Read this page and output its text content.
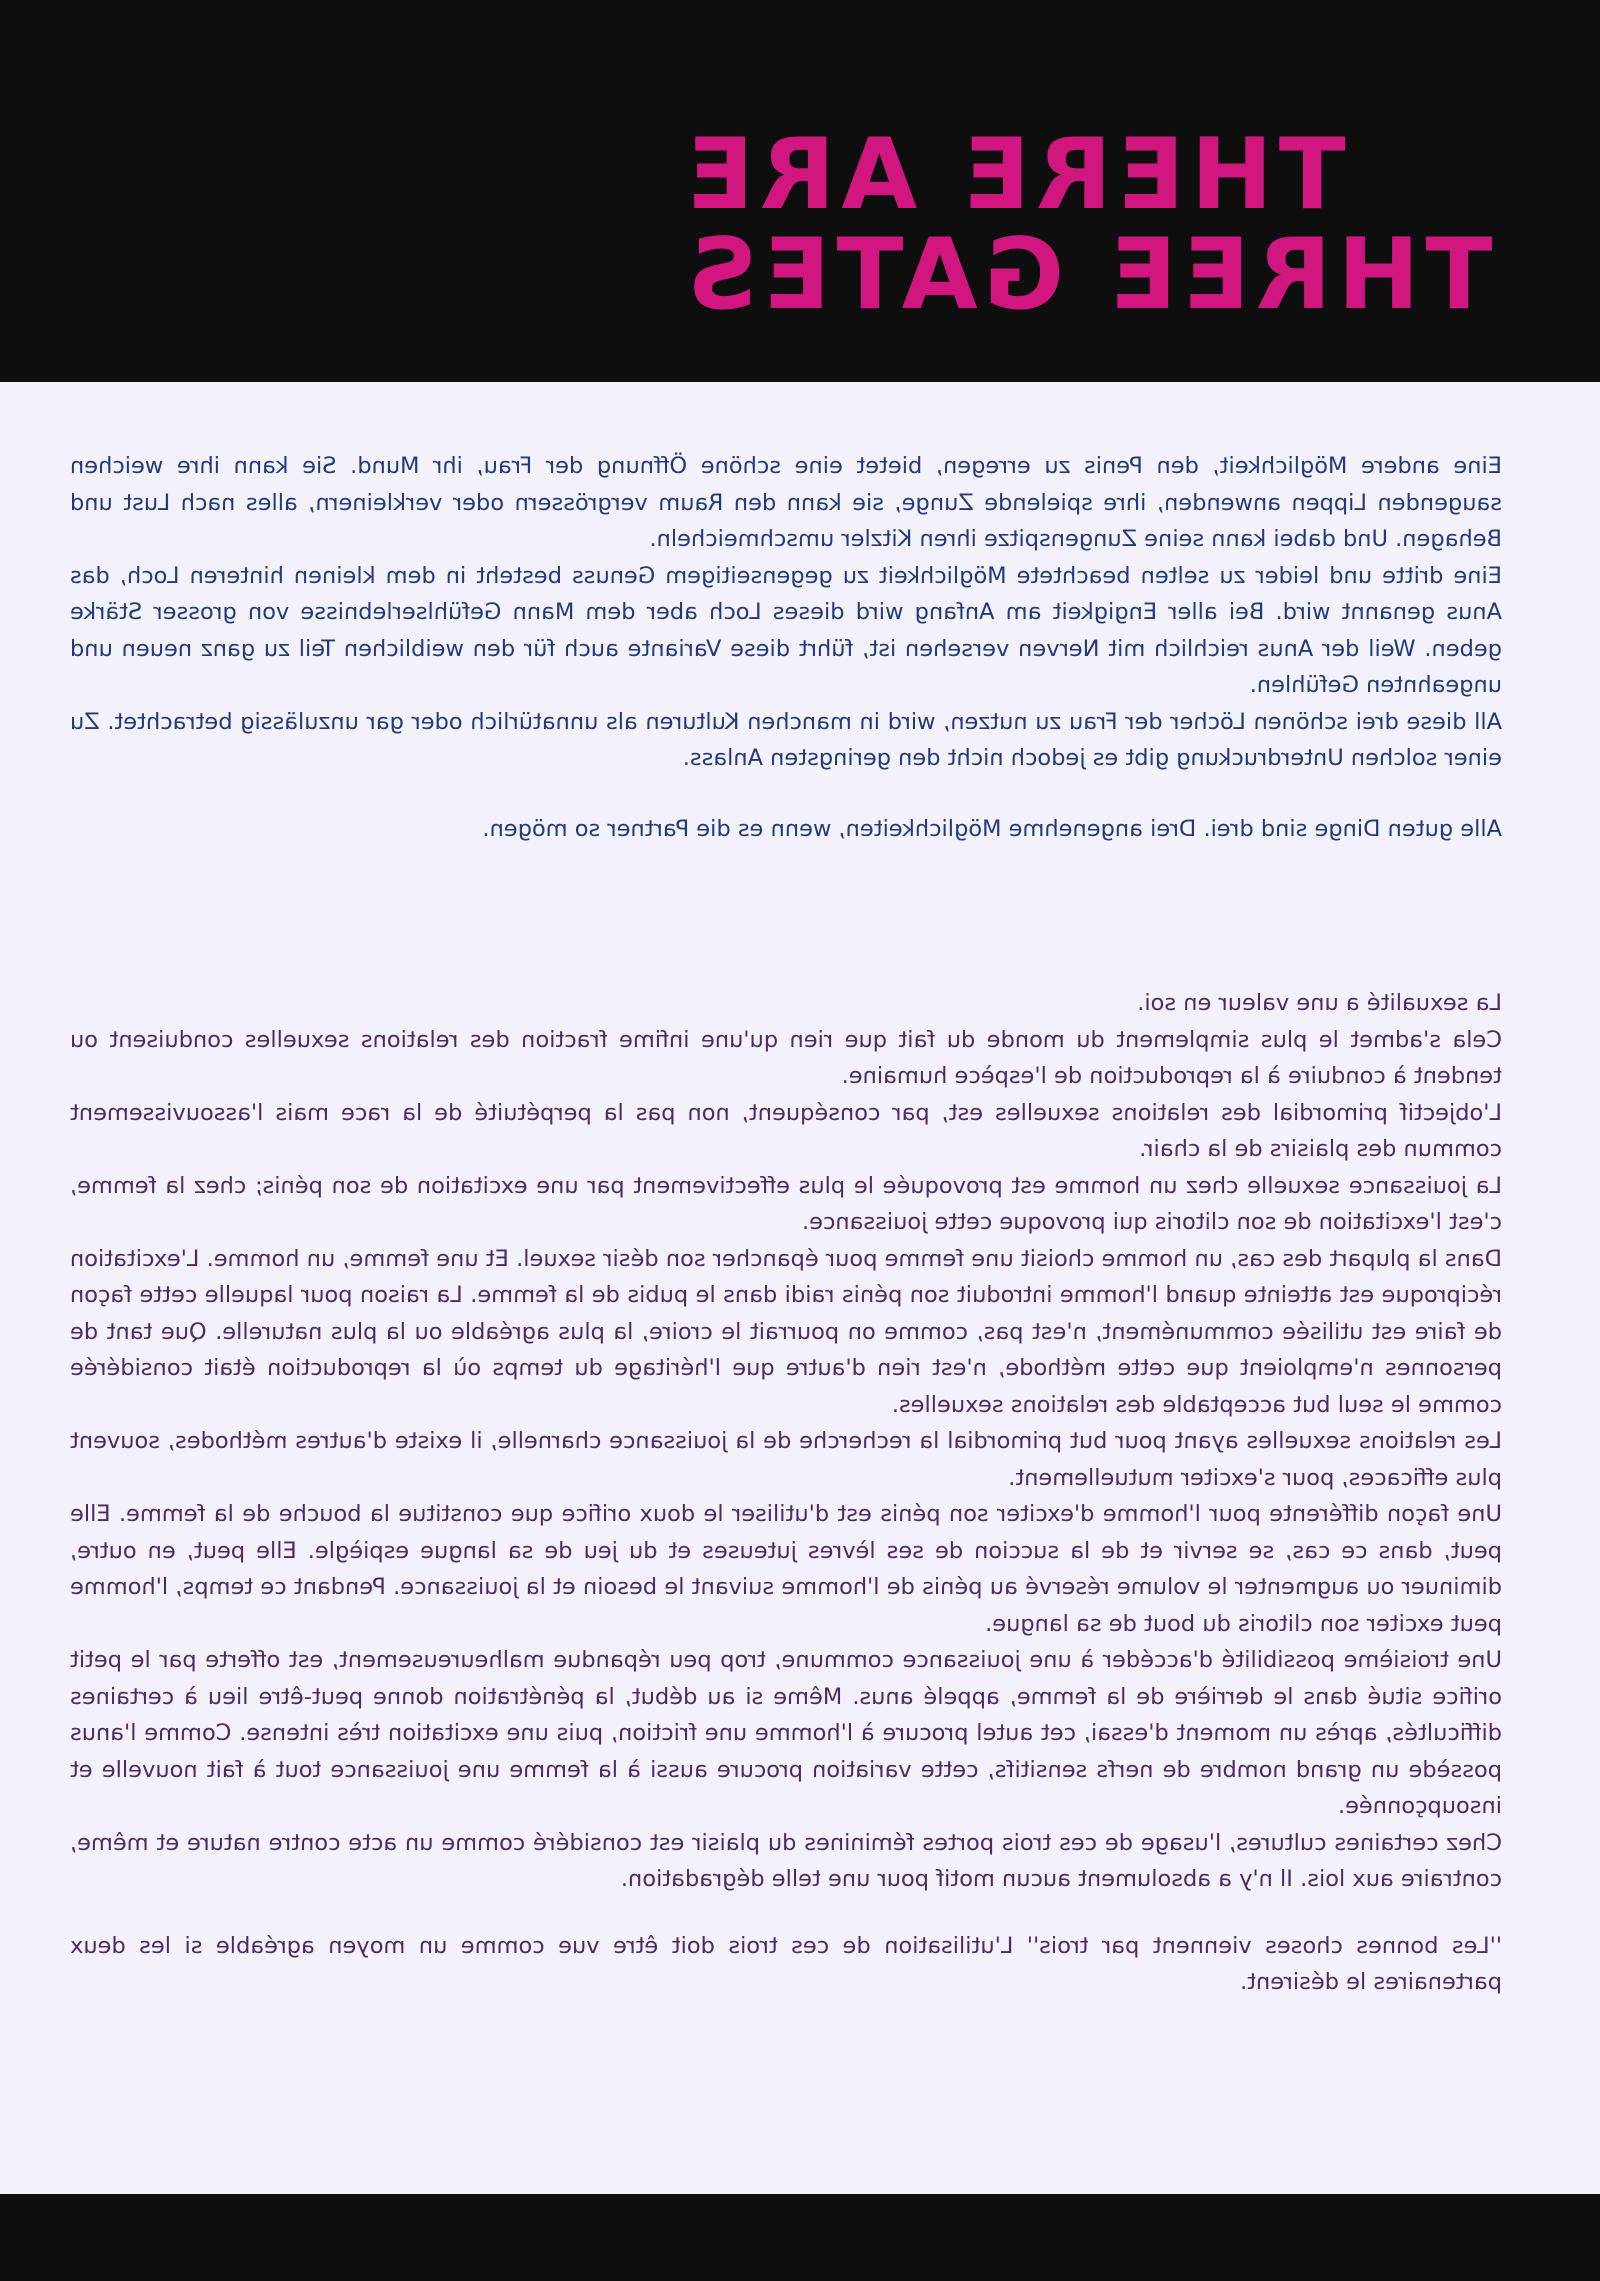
THERE ARE
THREE GATES

Eine andere Möglichkeit, den Penis zu erregen, bietet eine schöne Öffnung der Frau, ihr Mund. Sie kann ihre weichen saugenden Lippen anwenden, ihre spielende Zunge, sie kann den Raum vergrössern oder verkleinern, alles nach Lust und Behagen. Und dabei kann seine Zungenspitze ihren Kitzler umschmeicheln.

Eine dritte und leider zu selten beachtete Möglichkeit zu gegenseitigem Genuss besteht in dem kleinen hinteren Loch, das Anus genannt wird. Bei aller Engigkeit am Anfang wird dieses Loch aber dem Mann Gefühlserlebnisse von grosser Stärke geben. Weil der Anus reichlich mit Nerven versehen ist, führt diese Variante auch für den weiblichen Teil zu ganz neuen und ungeahnten Gefühlen.

All diese drei schönen Löcher der Frau zu nutzen, wird in manchen Kulturen als unnatürlich oder gar unzulässig betrachtet. Zu einer solchen Unterdruckung gibt es jedoch nicht den geringsten Anlass.

Alle guten Dinge sind drei. Drei angenehme Möglichkeiten, wenn es die Partner so mögen.

La sexualité a une valeur en soi.

Cela s'admet le plus simplement du monde du fait que rien qu'une infime fraction des relations sexuelles conduisent ou tendent à conduire à la reproduction de l'espèce humaine.

L'objectif primordial des relations sexuelles est, par conséquent, non pas la perpétuité de la race mais l'assouvissement commun des plaisirs de la chair.

La jouissance sexuelle chez un homme est provoquée le plus effectivement par une excitation de son pénis; chez la femme, c'est l'excitation de son clitoris qui provoque cette jouissance.

Dans la plupart des cas, un homme choisit une femme pour épancher son désir sexuel. Et une femme, un homme. L'excitation réciproque est atteinte quand l'homme introduit son pénis raidi dans le pubis de la femme. La raison pour laquelle cette façon de faire est utilisée communément, n'est pas, comme on pourrait le croire, la plus agréable ou la plus naturelle. Que tant de personnes n'emploient que cette méthode, n'est rien d'autre que l'héritage du temps où la reproduction était considérée comme le seul but acceptable des relations sexuelles.

Les relations sexuelles ayant pour but primordial la recherche de la jouissance charnelle, il existe d'autres méthodes, souvent plus efficaces, pour s'exciter mutuellement.

Une façon différente pour l'homme d'exciter son pénis est d'utiliser le doux orifice que constitue la bouche de la femme. Elle peut, dans ce cas, se servir et de la succion de ses lèvres juteuses et du jeu de sa langue espiègle. Elle peut, en outre, diminuer ou augmenter le volume réservé au pénis de l'homme suivant le besoin et la jouissance. Pendant ce temps, l'homme peut exciter son clitoris du bout de sa langue.

Une troisième possibilité d'accéder à une jouissance commune, trop peu répandue malheureusement, est offerte par le petit orifice situé dans le derrière de la femme, appelé anus. Même si au début, la pénétration donne peut-être lieu à certaines difficultés, après un moment d'essai, cet autel procure à l'homme une friction, puis une excitation très intense. Comme l'anus possède un grand nombre de nerfs sensitifs, cette variation procure aussi à la femme une jouissance tout à fait nouvelle et insoupçonnée.

Chez certaines cultures, l'usage de ces trois portes féminines du plaisir est considéré comme un acte contre nature et même, contraire aux lois. Il n'y a absolument aucun motif pour une telle dégradation.

''Les bonnes choses viennent par trois'' L'utilisation de ces trois doit être vue comme un moyen agréable si les deux partenaires le désirent.
